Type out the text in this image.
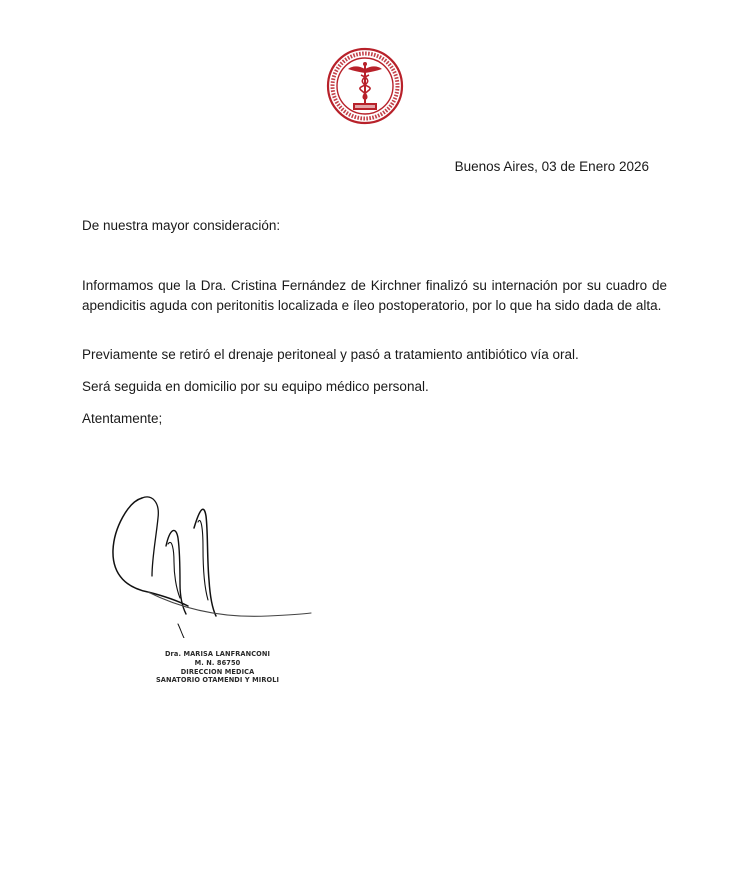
Buenos Aires, 03 de Enero 2026
De nuestra mayor consideración:

Informamos que la Dra. Cristina Fernández de Kirchner finalizó su internación por su cuadro de apendicitis aguda con peritonitis localizada e íleo postoperatorio, por lo que ha sido dada de alta.

Previamente se retiró el drenaje peritoneal y pasó a tratamiento antibiótico vía oral.

Será seguida en domicilio por su equipo médico personal.

Atentamente;

Dra. MARISA LANFRANCONI
M. N. 86750
DIRECCION MEDICA
SANATORIO OTAMENDI Y MIROLI
